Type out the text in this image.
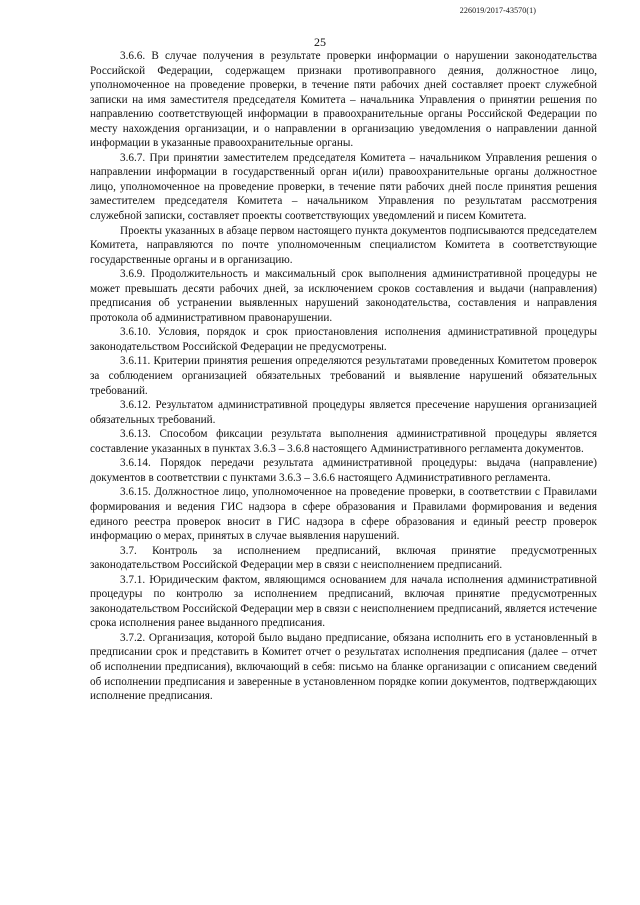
226019/2017-43570(1)
25

3.6.6. В случае получения в результате проверки информации о нарушении законодательства Российской Федерации, содержащем признаки противоправного деяния, должностное лицо, уполномоченное на проведение проверки, в течение пяти рабочих дней составляет проект служебной записки на имя заместителя председателя Комитета – начальника Управления о принятии решения по направлению соответствующей информации в правоохранительные органы Российской Федерации по месту нахождения организации, и о направлении в организацию уведомления о направлении данной информации в указанные правоохранительные органы.

3.6.7. При принятии заместителем председателя Комитета – начальником Управления решения о направлении информации в государственный орган и(или) правоохранительные органы должностное лицо, уполномоченное на проведение проверки, в течение пяти рабочих дней после принятия решения заместителем председателя Комитета – начальником Управления по результатам рассмотрения служебной записки, составляет проекты соответствующих уведомлений и писем Комитета.

Проекты указанных в абзаце первом настоящего пункта документов подписываются председателем Комитета, направляются по почте уполномоченным специалистом Комитета в соответствующие государственные органы и в организацию.

3.6.9. Продолжительность и максимальный срок выполнения административной процедуры не может превышать десяти рабочих дней, за исключением сроков составления и выдачи (направления) предписания об устранении выявленных нарушений законодательства, составления и направления протокола об административном правонарушении.

3.6.10. Условия, порядок и срок приостановления исполнения административной процедуры законодательством Российской Федерации не предусмотрены.

3.6.11. Критерии принятия решения определяются результатами проведенных Комитетом проверок за соблюдением организацией обязательных требований и выявление нарушений обязательных требований.

3.6.12. Результатом административной процедуры является пресечение нарушения организацией обязательных требований.

3.6.13. Способом фиксации результата выполнения административной процедуры является составление указанных в пунктах 3.6.3 – 3.6.8 настоящего Административного регламента документов.

3.6.14. Порядок передачи результата административной процедуры: выдача (направление) документов в соответствии с пунктами 3.6.3 – 3.6.6 настоящего Административного регламента.

3.6.15. Должностное лицо, уполномоченное на проведение проверки, в соответствии с Правилами формирования и ведения ГИС надзора в сфере образования и Правилами формирования и ведения единого реестра проверок вносит в ГИС надзора в сфере образования и единый реестр проверок информацию о мерах, принятых в случае выявления нарушений.

3.7. Контроль за исполнением предписаний, включая принятие предусмотренных законодательством Российской Федерации мер в связи с неисполнением предписаний.

3.7.1. Юридическим фактом, являющимся основанием для начала исполнения административной процедуры по контролю за исполнением предписаний, включая принятие предусмотренных законодательством Российской Федерации мер в связи с неисполнением предписаний, является истечение срока исполнения ранее выданного предписания.

3.7.2. Организация, которой было выдано предписание, обязана исполнить его в установленный в предписании срок и представить в Комитет отчет о результатах исполнения предписания (далее – отчет об исполнении предписания), включающий в себя: письмо на бланке организации с описанием сведений об исполнении предписания и заверенные в установленном порядке копии документов, подтверждающих исполнение предписания.
